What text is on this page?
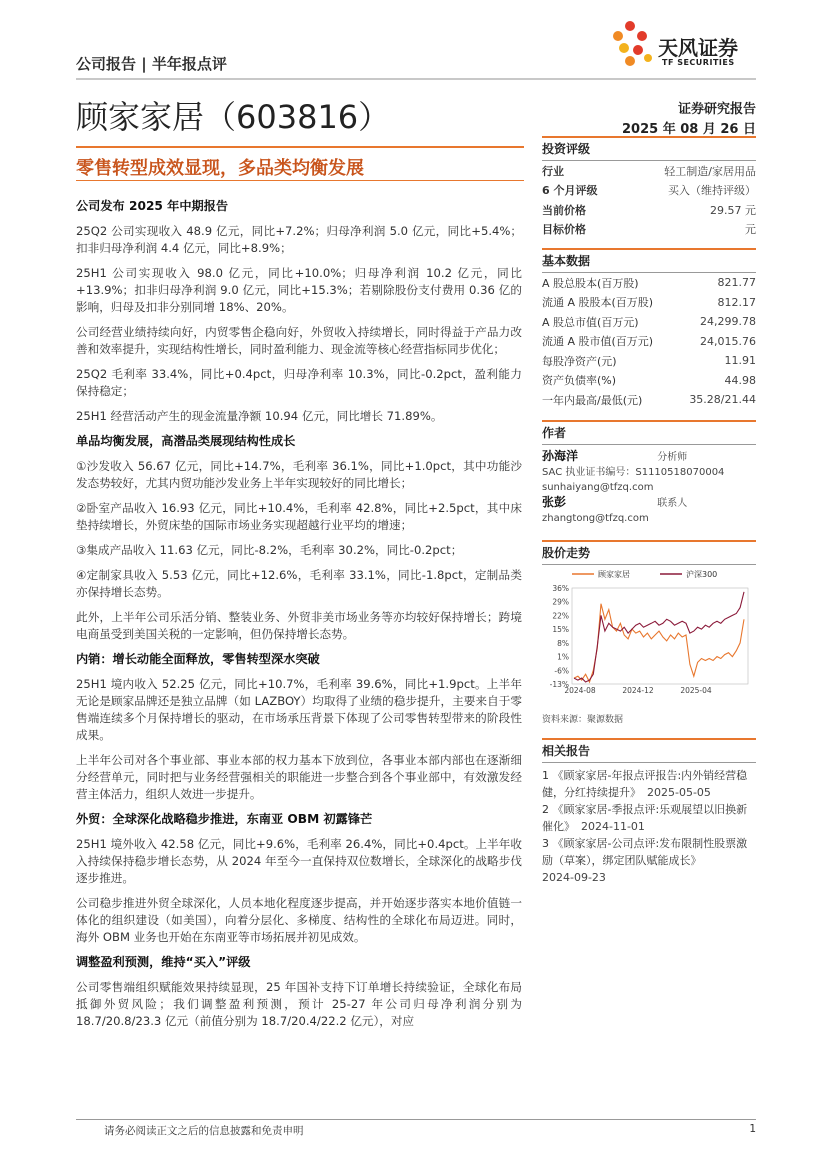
公司报告 | 半年报点评
天风证券
TF SECURITIES
顾家家居（603816）	证券研究报告
2025 年 08 月 26 日
零售转型成效显现，多品类均衡发展
公司发布 2025 年中期报告

25Q2 公司实现收入 48.9 亿元，同比+7.2%；归母净利润 5.0 亿元，同比+5.4%；扣非归母净利润 4.4 亿元，同比+8.9%；

25H1 公司实现收入 98.0 亿元，同比+10.0%；归母净利润 10.2 亿元，同比+13.9%；扣非归母净利润 9.0 亿元，同比+15.3%；若剔除股份支付费用 0.36 亿的影响，归母及扣非分别同增 18%、20%。

公司经营业绩持续向好，内贸零售企稳向好，外贸收入持续增长，同时得益于产品力改善和效率提升，实现结构性增长，同时盈利能力、现金流等核心经营指标同步优化；

25Q2 毛利率 33.4%，同比+0.4pct，归母净利率 10.3%，同比-0.2pct，盈利能力保持稳定；

25H1 经营活动产生的现金流量净额 10.94 亿元，同比增长 71.89%。

单品均衡发展，高潜品类展现结构性成长

①沙发收入 56.67 亿元，同比+14.7%，毛利率 36.1%，同比+1.0pct，其中功能沙发态势较好，尤其内贸功能沙发业务上半年实现较好的同比增长；

②卧室产品收入 16.93 亿元，同比+10.4%，毛利率 42.8%，同比+2.5pct，其中床垫持续增长，外贸床垫的国际市场业务实现超越行业平均的增速；

③集成产品收入 11.63 亿元，同比-8.2%，毛利率 30.2%，同比-0.2pct；

④定制家具收入 5.53 亿元，同比+12.6%，毛利率 33.1%，同比-1.8pct，定制品类亦保持增长态势。

此外，上半年公司乐活分销、整装业务、外贸非美市场业务等亦均较好保持增长；跨境电商虽受到美国关税的一定影响，但仍保持增长态势。

内销：增长动能全面释放，零售转型深水突破

25H1 境内收入 52.25 亿元，同比+10.7%，毛利率 39.6%，同比+1.9pct。上半年无论是顾家品牌还是独立品牌（如 LAZBOY）均取得了业绩的稳步提升，主要来自于零售端连续多个月保持增长的驱动，在市场承压背景下体现了公司零售转型带来的阶段性成果。

上半年公司对各个事业部、事业本部的权力基本下放到位，各事业本部内部也在逐渐细分经营单元，同时把与业务经营强相关的职能进一步整合到各个事业部中，有效激发经营主体活力，组织人效进一步提升。

外贸：全球深化战略稳步推进，东南亚 OBM 初露锋芒

25H1 境外收入 42.58 亿元，同比+9.6%，毛利率 26.4%，同比+0.4pct。上半年收入持续保持稳步增长态势，从 2024 年至今一直保持双位数增长，全球深化的战略步伐逐步推进。

公司稳步推进外贸全球深化，人员本地化程度逐步提高，并开始逐步落实本地价值链一体化的组织建设（如美国），向着分层化、多梯度、结构性的全球化布局迈进。同时，海外 OBM 业务也开始在东南亚等市场拓展并初见成效。

调整盈利预测，维持“买入”评级

公司零售端组织赋能效果持续显现，25 年国补支持下订单增长持续验证，全球化布局抵御外贸风险；我们调整盈利预测，预计 25-27 年公司归母净利润分别为 18.7/20.8/23.3 亿元（前值分别为 18.7/20.4/22.2 亿元），对应

投资评级
行业	轻工制造/家居用品
6 个月评级	买入（维持评级）
当前价格	29.57 元
目标价格	元
基本数据
A 股总股本(百万股)	821.77
流通 A 股股本(百万股)	812.17
A 股总市值(百万元)	24,299.78
流通 A 股市值(百万元)	24,015.76
每股净资产(元)	11.91
资产负债率(%)	44.98
一年内最高/最低(元)	35.28/21.44
作者
孙海洋	分析师
SAC 执业证书编号：S1110518070004
sunhaiyang@tfzq.com
张彭	联系人
zhangtong@tfzq.com
股价走势
36%
29%
22%
15%
8%
1%
-6%
-13%
2024-08	2024-12	2025-04
顾家家居	沪深300
资料来源：聚源数据
相关报告
1 《顾家家居-年报点评报告:内外销经营稳健，分红持续提升》 2025-05-05
2 《顾家家居-季报点评:乐观展望以旧换新催化》 2024-11-01
3 《顾家家居-公司点评:发布限制性股票激励（草案），绑定团队赋能成长》
2024-09-23
请务必阅读正文之后的信息披露和免责申明	1
